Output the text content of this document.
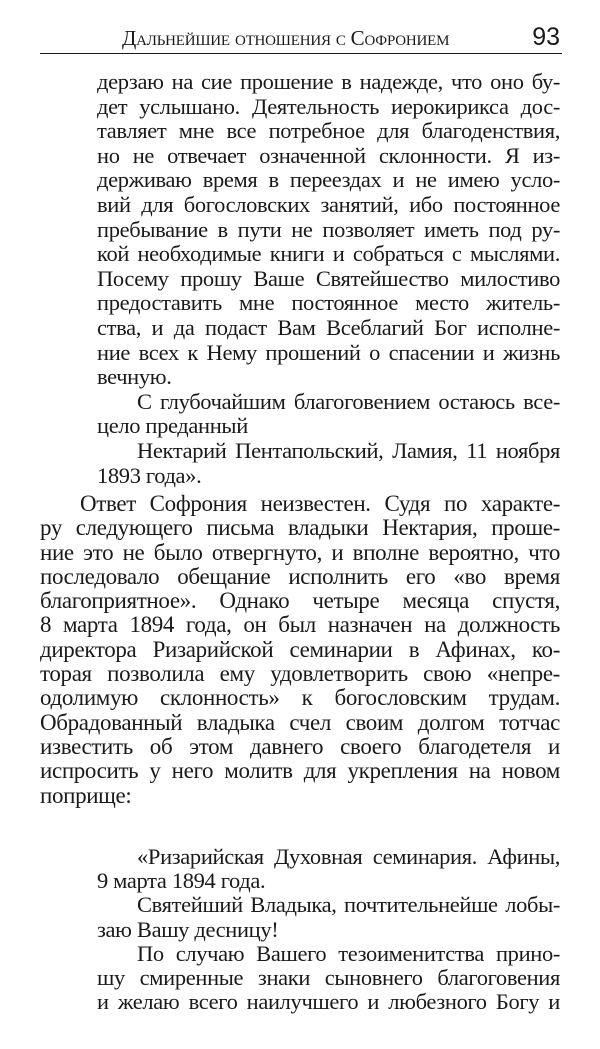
Дальнейшие отношения с Софронием	93
дерзаю на сие прошение в надежде, что оно бу-
дет услышано. Деятельность иерокирикса дос-
тавляет мне все потребное для благоденствия,
но не отвечает означенной склонности. Я из-
держиваю время в переездах и не имею усло-
вий для богословских занятий, ибо постоянное
пребывание в пути не позволяет иметь под ру-
кой необходимые книги и собраться с мыслями.
Посему прошу Ваше Святейшество милостиво
предоставить мне постоянное место житель-
ства, и да подаст Вам Всеблагий Бог исполне-
ние всех к Нему прошений о спасении и жизнь
вечную.
С глубочайшим благоговением остаюсь все-
цело преданный
Нектарий Пентапольский, Ламия, 11 ноября
1893 года».
Ответ Софрония неизвестен. Судя по характе-
ру следующего письма владыки Нектария, проше-
ние это не было отвергнуто, и вполне вероятно, что
последовало обещание исполнить его «во время
благоприятное». Однако четыре месяца спустя,
8 марта 1894 года, он был назначен на должность
директора Ризарийской семинарии в Афинах, ко-
торая позволила ему удовлетворить свою «непре-
одолимую склонность» к богословским трудам.
Обрадованный владыка счел своим долгом тотчас
известить об этом давнего своего благодетеля и
испросить у него молитв для укрепления на новом
поприще:
«Ризарийская Духовная семинария. Афины,
9 марта 1894 года.
Святейший Владыка, почтительнейше лобы-
заю Вашу десницу!
По случаю Вашего тезоименитства прино-
шу смиренные знаки сыновнего благоговения
и желаю всего наилучшего и любезного Богу и
